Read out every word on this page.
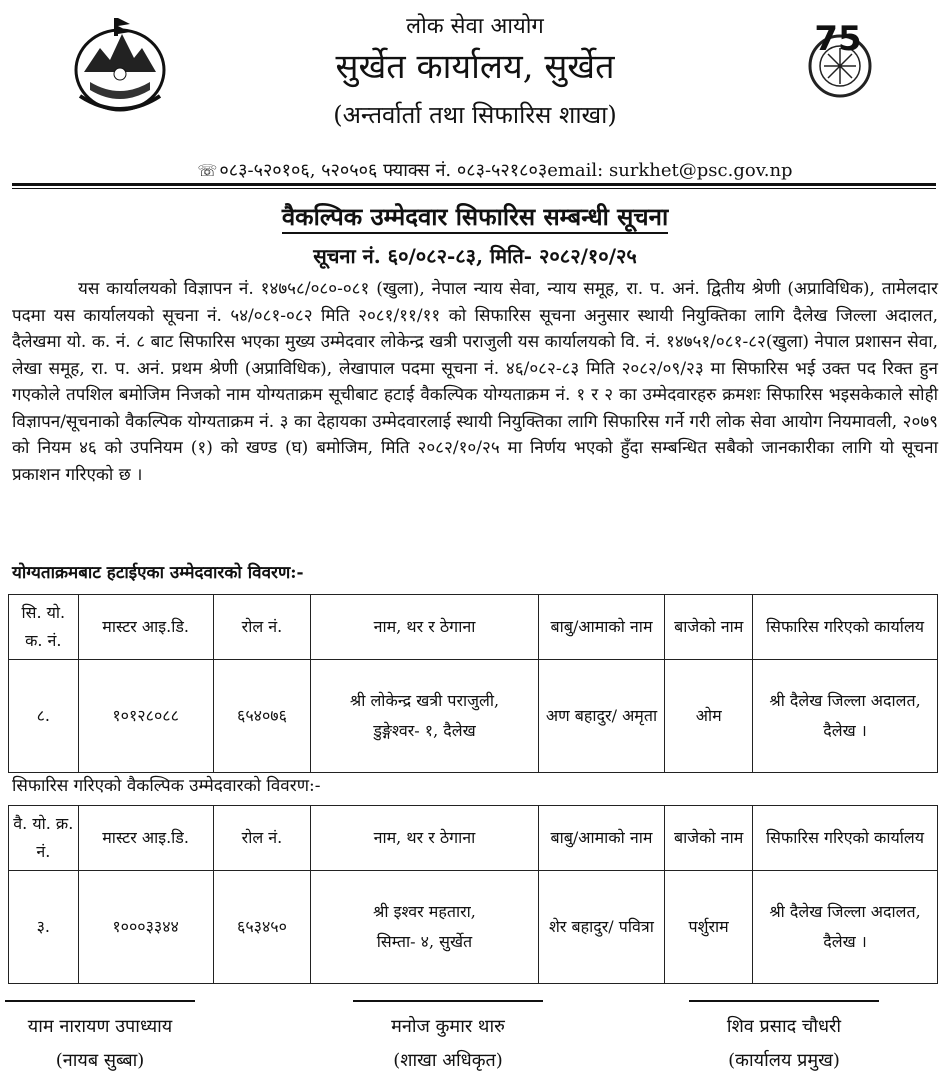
75
लोक सेवा आयोग
सुर्खेत कार्यालय, सुर्खेत
(अन्तर्वार्ता तथा सिफारिस शाखा)
☏ ०८३-५२०१०६, ५२०५०६ फ्याक्स नं. ०८३-५२१८०३email: surkhet@psc.gov.np
वैकल्पिक उम्मेदवार सिफारिस सम्बन्धी सूचना
सूचना नं. ६०/०८२-८३, मिति- २०८२/१०/२५

यस कार्यालयको विज्ञापन नं. १४७५८/०८०-०८१ (खुला), नेपाल न्याय सेवा, न्याय समूह, रा. प. अनं. द्वितीय श्रेणी (अप्राविधिक), तामेलदार पदमा यस कार्यालयको सूचना नं. ५४/०८१-०८२ मिति २०८१/११/११ को सिफारिस सूचना अनुसार स्थायी नियुक्तिका लागि दैलेख जिल्ला अदालत, दैलेखमा यो. क. नं. ८ बाट सिफारिस भएका मुख्य उम्मेदवार लोकेन्द्र खत्री पराजुली यस कार्यालयको वि. नं. १४७५१/०८१-८२(खुला) नेपाल प्रशासन सेवा, लेखा समूह, रा. प. अनं. प्रथम श्रेणी (अप्राविधिक), लेखापाल पदमा सूचना नं. ४६/०८२-८३ मिति २०८२/०९/२३ मा सिफारिस भई उक्त पद रिक्त हुन गएकोले तपशिल बमोजिम निजको नाम योग्यताक्रम सूचीबाट हटाई वैकल्पिक योग्यताक्रम नं. १ र २ का उम्मेदवारहरु क्रमशः सिफारिस भइसकेकाले सोही विज्ञापन/सूचनाको वैकल्पिक योग्यताक्रम नं. ३ का देहायका उम्मेदवारलाई स्थायी नियुक्तिका लागि सिफारिस गर्ने गरी लोक सेवा आयोग नियमावली, २०७९ को नियम ४६ को उपनियम (१) को खण्ड (घ) बमोजिम, मिति २०८२/१०/२५ मा निर्णय भएको हुँदा सम्बन्धित सबैको जानकारीका लागि यो सूचना प्रकाशन गरिएको छ ।

योग्यताक्रमबाट हटाईएका उम्मेदवारको विवरण:-
सि. यो. क. नं.	मास्टर आइ.डि.	रोल नं.	नाम, थर र ठेगाना	बाबु/आमाको नाम	बाजेको नाम	सिफारिस गरिएको कार्यालय
८.	१०१२८०८८	६५४०७६	श्री लोकेन्द्र खत्री पराजुली,
डुङ्गेश्वर- १, दैलेख	अण बहादुर/ अमृता	ओम	श्री दैलेख जिल्ला अदालत, दैलेख ।
सिफारिस गरिएको वैकल्पिक उम्मेदवारको विवरण:-
वै. यो. क्र. नं.	मास्टर आइ.डि.	रोल नं.	नाम, थर र ठेगाना	बाबु/आमाको नाम	बाजेको नाम	सिफारिस गरिएको कार्यालय
३.	१०००३३४४	६५३४५०	श्री इश्वर महतारा,
सिम्ता- ४, सुर्खेत	शेर बहादुर/ पवित्रा	पर्शुराम	श्री दैलेख जिल्ला अदालत, दैलेख ।
याम नारायण उपाध्याय
(नायब सुब्बा)
मनोज कुमार थारु
(शाखा अधिकृत)
शिव प्रसाद चौधरी
(कार्यालय प्रमुख)
